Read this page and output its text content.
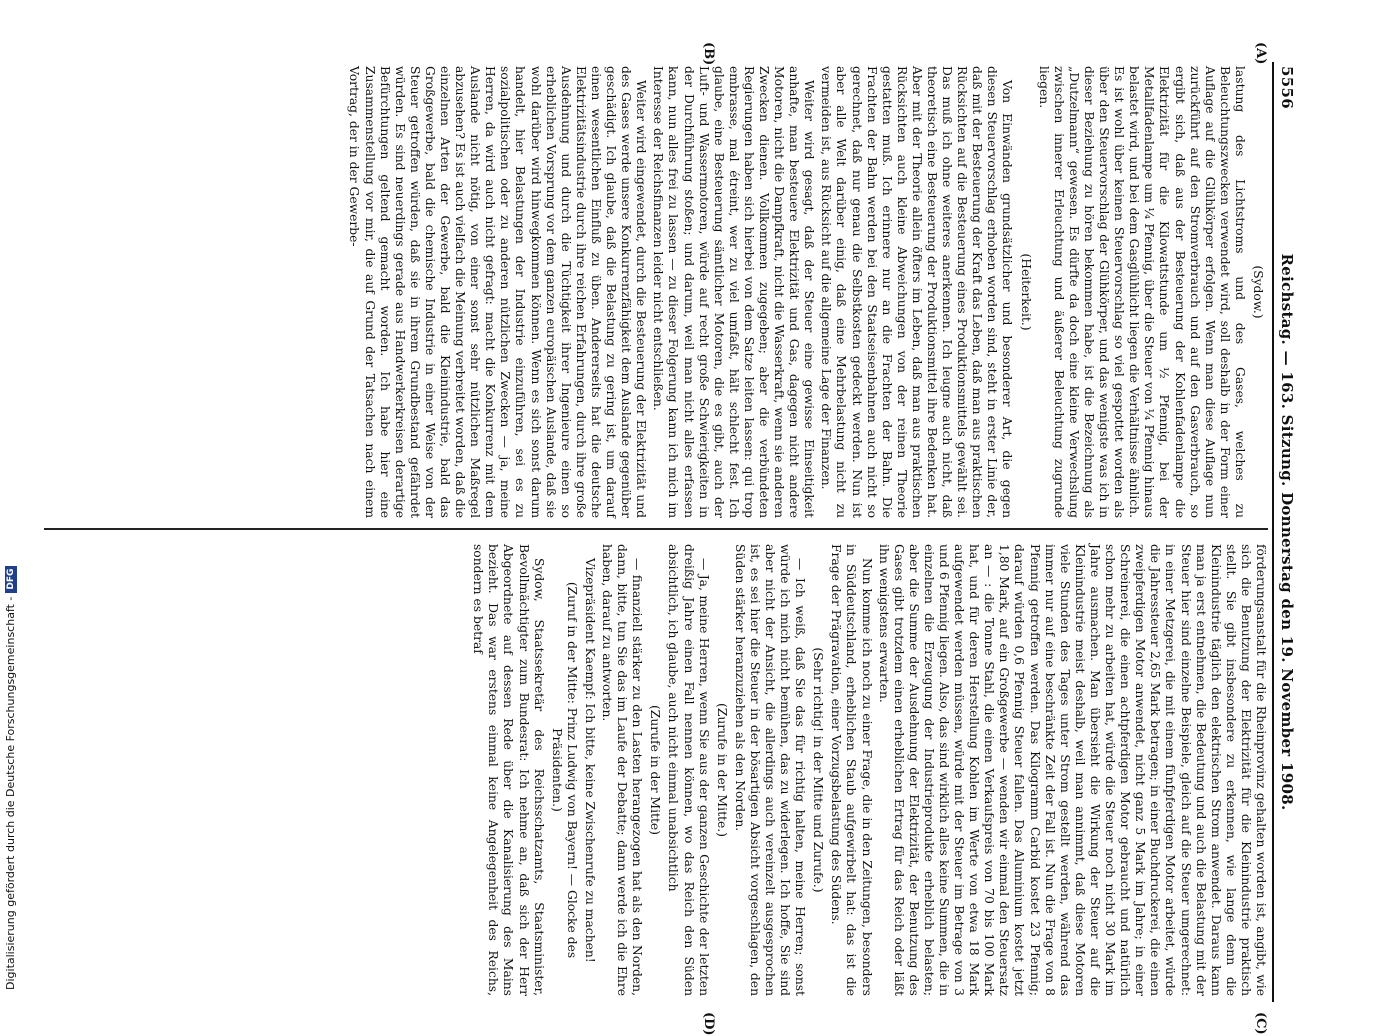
5556
Reichstag. — 163. Sitzung. Donnerstag den 19. November 1908.
(A)
(B)
(C)
(D)

(Sydow.)

lastung des Lichtstroms und des Gases, welches zu Beleuchtungszwecken verwendet wird, soll deshalb in der Form einer Auflage auf die Glühkörper erfolgen. Wenn man diese Auflage nun zurückführt auf den Stromverbrauch und auf den Gasverbrauch, so ergibt sich, daß aus der Besteuerung der Kohlenfadenlampe die Elektrizität für die Kilowattstunde um ½ Pfennig, bei der Metallfadenlampe um ¼ Pfennig, über die Steuer von ¼ Pfennig hinaus belastet wird, und bei dem Gasglühlicht liegen die Verhältnisse ähnlich. Es ist wohl über keinen Steuervorschlag so viel gespottet worden als über den Steuervorschlag der Glühkörper, und das wenigste was ich in dieser Beziehung zu hören bekommen habe, ist die Bezeichnung als „Dutzelmann“ gewesen. Es dürfte da doch eine kleine Verwechslung zwischen innerer Erleuchtung und äußerer Beleuchtung zugrunde liegen.

(Heiterkeit.)

Von Einwänden grundsätzlicher und besonderer Art, die gegen diesen Steuervorschlag erhoben worden sind, steht in erster Linie der, daß mit der Besteuerung der Kraft das Leben, daß man aus praktischen Rücksichten auf die Besteuerung eines Produktionsmittels gewählt sei. Das muß ich ohne weiteres anerkennen. Ich leugne auch nicht, daß theoretisch eine Besteuerung der Produktionsmittel ihre Bedenken hat. Aber mit der Theorie allein öfters im Leben, daß man aus praktischen Rücksichten auch kleine Abweichungen von der reinen Theorie gestatten muß. Ich erinnere nur an die Frachten der Bahn. Die Frachten der Bahn werden bei den Staatseisenbahnen auch nicht so gerechnet, daß nur genau die Selbstkosten gedeckt werden. Nun ist aber alle Welt darüber einig, daß eine Mehrbelastung nicht zu vermeiden ist, aus Rücksicht auf die allgemeine Lage der Finanzen.

Weiter wird gesagt, daß der Steuer eine gewisse Einseitigkeit anhafte, man besteuere Elektrizität und Gas, dagegen nicht andere Motoren, nicht die Dampfkraft, nicht die Wasserkraft, wenn sie anderen Zwecken dienen. Vollkommen zugegeben; aber die verbündeten Regierungen haben sich hierbei von dem Satze leiten lassen: qui trop embrasse, mal étreint, wer zu viel umfaßt, hält schlecht fest. Ich glaube, eine Besteuerung sämtlicher Motoren, die es gibt, auch der Luft- und Wassermotoren, würde auf recht große Schwierigkeiten in der Durchführung stoßen; und darum, weil man nicht alles erfassen kann, nun alles frei zu lassen — zu dieser Folgerung kann ich mich im Interesse der Reichsfinanzen leider nicht entschließen.

Weiter wird eingewendet, durch die Besteuerung der Elektrizität und des Gases werde unsere Konkurrenzfähigkeit dem Auslande gegenüber geschädigt. Ich glaube, daß die Belastung zu gering ist, um darauf einen wesentlichen Einfluß zu üben. Andererseits hat die deutsche Elektrizitätsindustrie durch ihre reichen Erfahrungen, durch ihre große Ausdehnung und durch die Tüchtigkeit ihrer Ingenieure einen so erheblichen Vorsprung vor dem ganzen europäischen Auslande, daß sie wohl darüber wird hinwegkommen können. Wenn es sich sonst darum handelt, hier Belastungen der Industrie einzuführen, sei es zu sozialpolitischen oder zu anderen nützlichen Zwecken — ja, meine Herren, da wird auch nicht gefragt: macht die Konkurrenz mit dem Auslande nicht nötig, von einer sonst sehr nützlichen Maßregel abzusehen? Es ist auch vielfach die Meinung verbreitet worden, daß die einzelnen Arten der Gewerbe, bald die Kleinindustrie, bald das Großgewerbe, bald die chemische Industrie in einer Weise von der Steuer getroffen würden, daß sie in ihrem Grundbestand gefährdet würden. Es sind neuerdings gerade aus Handwerkerkreisen derartige Befürchtungen geltend gemacht worden. Ich habe hier eine Zusammenstellung vor mir, die auf Grund der Tatsachen nach einem Vortrag, der in der Gewerbe-

förderungsanstalt für die Rheinprovinz gehalten worden ist, angibt, wie sich die Benutzung der Elektrizität für die Kleinindustrie praktisch stellt. Sie gibt insbesondere zu erkennen, wie lange denn die Kleinindustrie täglich den elektrischen Strom anwendet. Daraus kann man ja erst entnehmen, die Bedeutung und auch die Belastung mit der Steuer hier sind einzelne Beispiele, gleich auf die Steuer umgerechnet: in einer Metzgerei, die mit einem fünfpferdigen Motor arbeitet, würde die Jahressteuer 2,65 Mark betragen; in einer Buchdruckerei, die einen zweipferdigen Motor anwendet, nicht ganz 5 Mark im Jahre; in einer Schreinerei, die einen achtpferdigen Motor gebraucht und natürlich schon mehr zu arbeiten hat, würde die Steuer noch nicht 30 Mark im Jahre ausmachen. Man übersieht die Wirkung der Steuer auf die Kleinindustrie meist deshalb, weil man annimmt, daß diese Motoren viele Stunden des Tages unter Strom gestellt werden, während das immer nur auf eine beschränkte Zeit der Fall ist. Nun die Frage von 8 Pfennig getroffen werden. Das Kilogramm Carbid kostet 23 Pfennig; darauf würden 0,6 Pfennig Steuer fallen. Das Aluminium kostet jetzt 1,80 Mark, auf ein Großgewerbe — wenden wir einmal den Steuersatz an — : die Tonne Stahl, die einen Verkaufspreis von 70 bis 100 Mark hat, und für deren Herstellung Kohlen im Werte von etwa 18 Mark aufgewendet werden müssen, würde mit der Steuer im Betrage von 3 und 6 Pfennig liegen. Also, das sind wirklich alles keine Summen, die in einzelnen die Erzeugung der Industrieprodukte erheblich belasten; aber die Summe der Ausdehnung der Elektrizität, der Benutzung des Gases gibt trotzdem einen erheblichen Ertrag für das Reich oder läßt ihn wenigstens erwarten.

Nun komme ich noch zu einer Frage, die in den Zeitungen, besonders in Süddeutschland, erheblichen Staub aufgewirbelt hat: das ist die Frage der Prägravation, einer Vorzugsbelastung des Südens.

(Sehr richtig! in der Mitte und Zurufe.)

— Ich weiß, daß Sie das für richtig halten, meine Herren; sonst würde ich mich nicht bemühen, das zu widerlegen. Ich hoffe, Sie sind aber nicht der Ansicht, die allerdings auch vereinzelt ausgesprochen ist, es sei hier die Steuer in der bösartigen Absicht vorgeschlagen, den Süden stärker heranzuziehen als den Norden.

(Zurufe in der Mitte.)

— Ja, meine Herren, wenn Sie aus der ganzen Geschichte der letzten dreißig Jahre einen Fall nennen können, wo das Reich den Süden absichtlich, ich glaube, auch nicht einmal unabsichtlich

(Zurufe in der Mitte)

— finanziell stärker zu den Lasten herangezogen hat als den Norden, dann, bitte, tun Sie das im Laufe der Debatte; dann werde ich die Ehre haben, darauf zu antworten.

Vizepräsident Kaempf: Ich bitte, keine Zwischenrufe zu machen!

(Zuruf in der Mitte: Prinz Ludwig von Bayern! — Glocke des Präsidenten.)

Sydow, Staatssekretär des Reichsschatzamts, Staatsminister, Bevollmächtigter zum Bundesrat: Ich nehme an, daß sich der Herr Abgeordnete auf dessen Rede über die Kanalisierung des Mains bezieht. Das war erstens einmal keine Angelegenheit des Reichs, sondern es betraf

Digitalisierung gefördert durch die Deutsche Forschungsgemeinschaft -
DFG
